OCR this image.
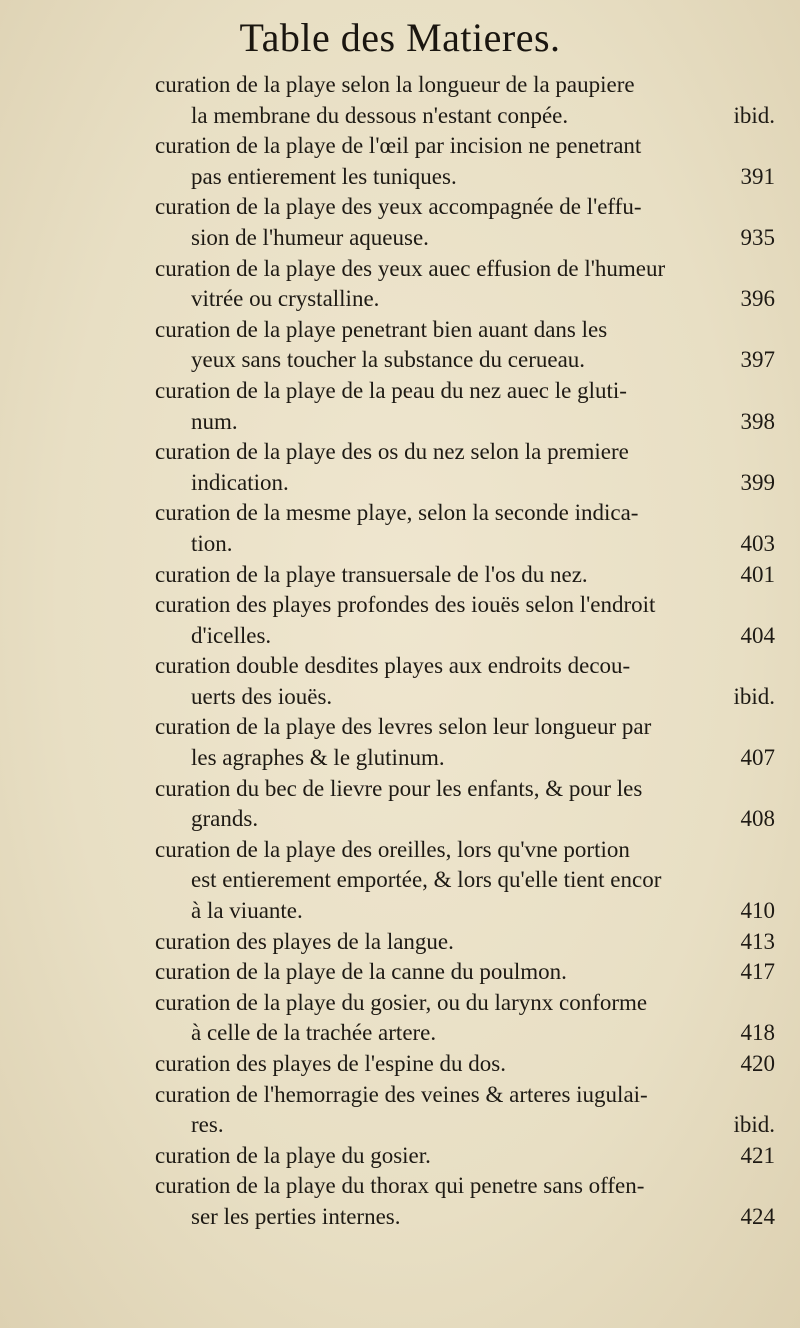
Table des Matieres.
curation de la playe selon la longueur de la paupiere
la membrane du dessous n'estant conpée.	ibid.
curation de la playe de l'œil par incision ne penetrant
pas entierement les tuniques.	391
curation de la playe des yeux accompagnée de l'effu-
sion de l'humeur aqueuse.	935
curation de la playe des yeux auec effusion de l'humeur
vitrée ou crystalline.	396
curation de la playe penetrant bien auant dans les
yeux sans toucher la substance du cerueau.	397
curation de la playe de la peau du nez auec le gluti-
num.	398
curation de la playe des os du nez selon la premiere
indication.	399
curation de la mesme playe, selon la seconde indica-
tion.	403
curation de la playe transuersale de l'os du nez.	401
curation des playes profondes des iouës selon l'endroit
d'icelles.	404
curation double desdites playes aux endroits decou-
uerts des iouës.	ibid.
curation de la playe des levres selon leur longueur par
les agraphes & le glutinum.	407
curation du bec de lievre pour les enfants, & pour les
grands.	408
curation de la playe des oreilles, lors qu'vne portion
est entierement emportée, & lors qu'elle tient encor
à la viuante.	410
curation des playes de la langue.	413
curation de la playe de la canne du poulmon.	417
curation de la playe du gosier, ou du larynx conforme
à celle de la trachée artere.	418
curation des playes de l'espine du dos.	420
curation de l'hemorragie des veines & arteres iugulai-
res.	ibid.
curation de la playe du gosier.	421
curation de la playe du thorax qui penetre sans offen-
ser les perties internes.	424
